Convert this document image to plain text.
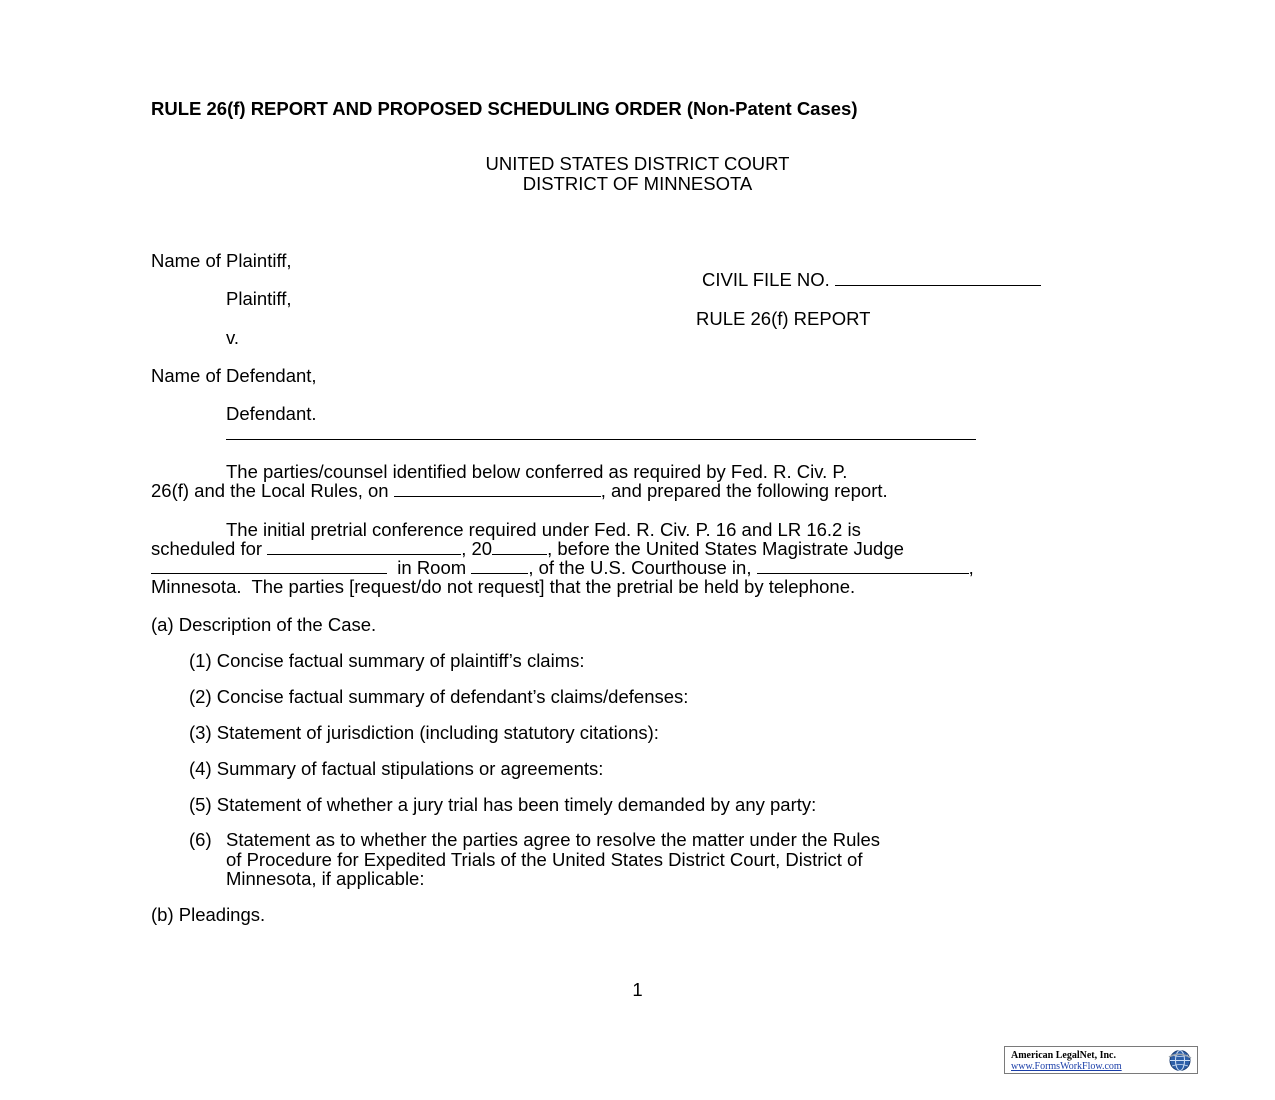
RULE 26(f) REPORT AND PROPOSED SCHEDULING ORDER (Non-Patent Cases)
UNITED STATES DISTRICT COURT
DISTRICT OF MINNESOTA
Name of Plaintiff,
Plaintiff,
v.
Name of Defendant,
Defendant.
CIVIL FILE NO.
RULE 26(f) REPORT
The parties/counsel identified below conferred as required by Fed. R. Civ. P.
26(f) and the Local Rules, on	, and prepared the following report.
The initial pretrial conference required under Fed. R. Civ. P. 16 and LR 16.2 is
scheduled for	, 20	, before the United States Magistrate Judge
in Room	, of the U.S. Courthouse in,	,
Minnesota.  The parties [request/do not request] that the pretrial be held by telephone.
(a) Description of the Case.
(1) Concise factual summary of plaintiff’s claims:
(2) Concise factual summary of defendant’s claims/defenses:
(3) Statement of jurisdiction (including statutory citations):
(4) Summary of factual stipulations or agreements:
(5) Statement of whether a jury trial has been timely demanded by any party:
(6) Statement as to whether the parties agree to resolve the matter under the Rules
of Procedure for Expedited Trials of the United States District Court, District of
Minnesota, if applicable:
(b) Pleadings.
1
American LegalNet, Inc.
www.FormsWorkFlow.com
